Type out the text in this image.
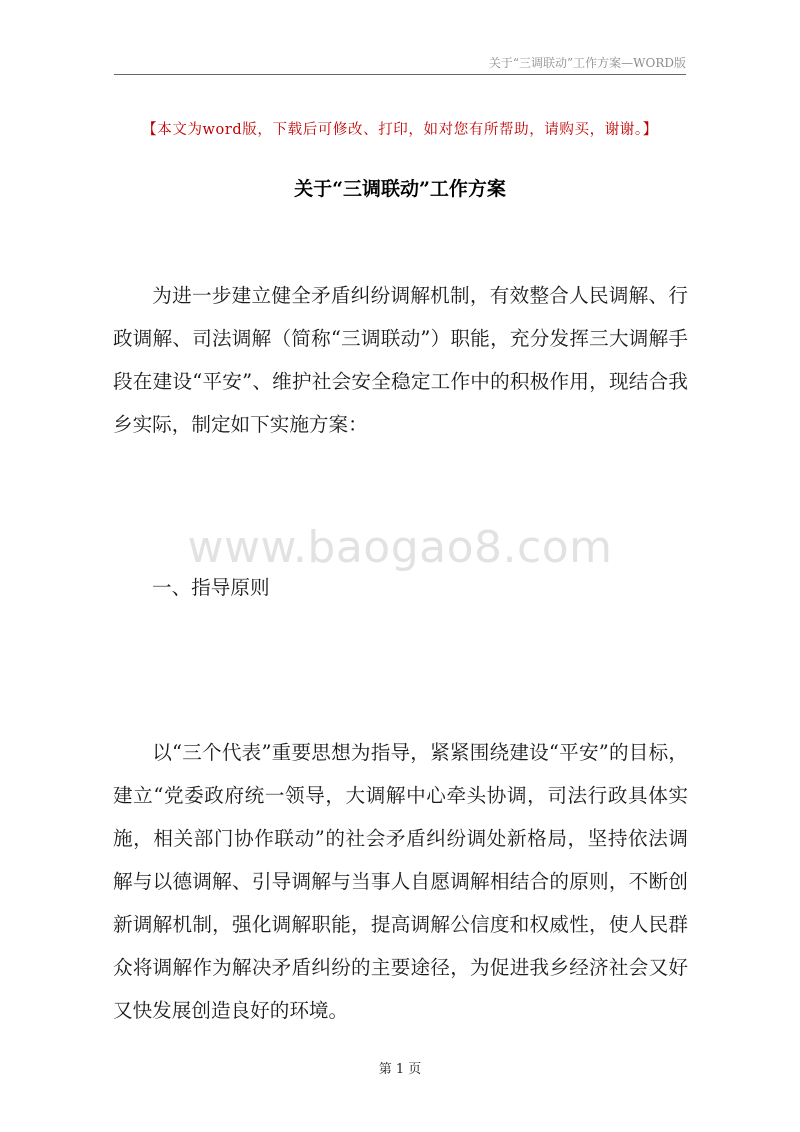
关于“三调联动”工作方案—WORD版
【本文为word版，下载后可修改、打印，如对您有所帮助，请购买，谢谢。】
关于“三调联动”工作方案

为进一步建立健全矛盾纠纷调解机制，有效整合人民调解、行政调解、司法调解（简称“三调联动”）职能，充分发挥三大调解手段在建设“平安”、维护社会安全稳定工作中的积极作用，现结合我乡实际，制定如下实施方案：

www.baogao8.com
一、指导原则

以“三个代表”重要思想为指导，紧紧围绕建设“平安”的目标，建立“党委政府统一领导，大调解中心牵头协调，司法行政具体实施，相关部门协作联动”的社会矛盾纠纷调处新格局，坚持依法调解与以德调解、引导调解与当事人自愿调解相结合的原则，不断创新调解机制，强化调解职能，提高调解公信度和权威性，使人民群众将调解作为解决矛盾纠纷的主要途径，为促进我乡经济社会又好又快发展创造良好的环境。

第 1 页
